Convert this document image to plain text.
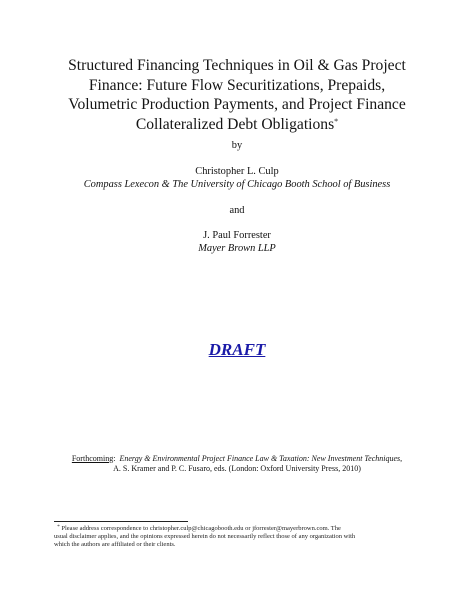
Structured Financing Techniques in Oil & Gas Project
Finance: Future Flow Securitizations, Prepaids,
Volumetric Production Payments, and Project Finance
Collateralized Debt Obligations*
by
Christopher L. Culp
Compass Lexecon & The University of Chicago Booth School of Business
and
J. Paul Forrester
Mayer Brown LLP
DRAFT
Forthcoming: Energy & Environmental Project Finance Law & Taxation: New Investment Techniques,
A. S. Kramer and P. C. Fusaro, eds. (London: Oxford University Press, 2010)
* Please address correspondence to christopher.culp@chicagobooth.edu or jforrester@mayerbrown.com. The
usual disclaimer applies, and the opinions expressed herein do not necessarily reflect those of any organization with
which the authors are affiliated or their clients.
